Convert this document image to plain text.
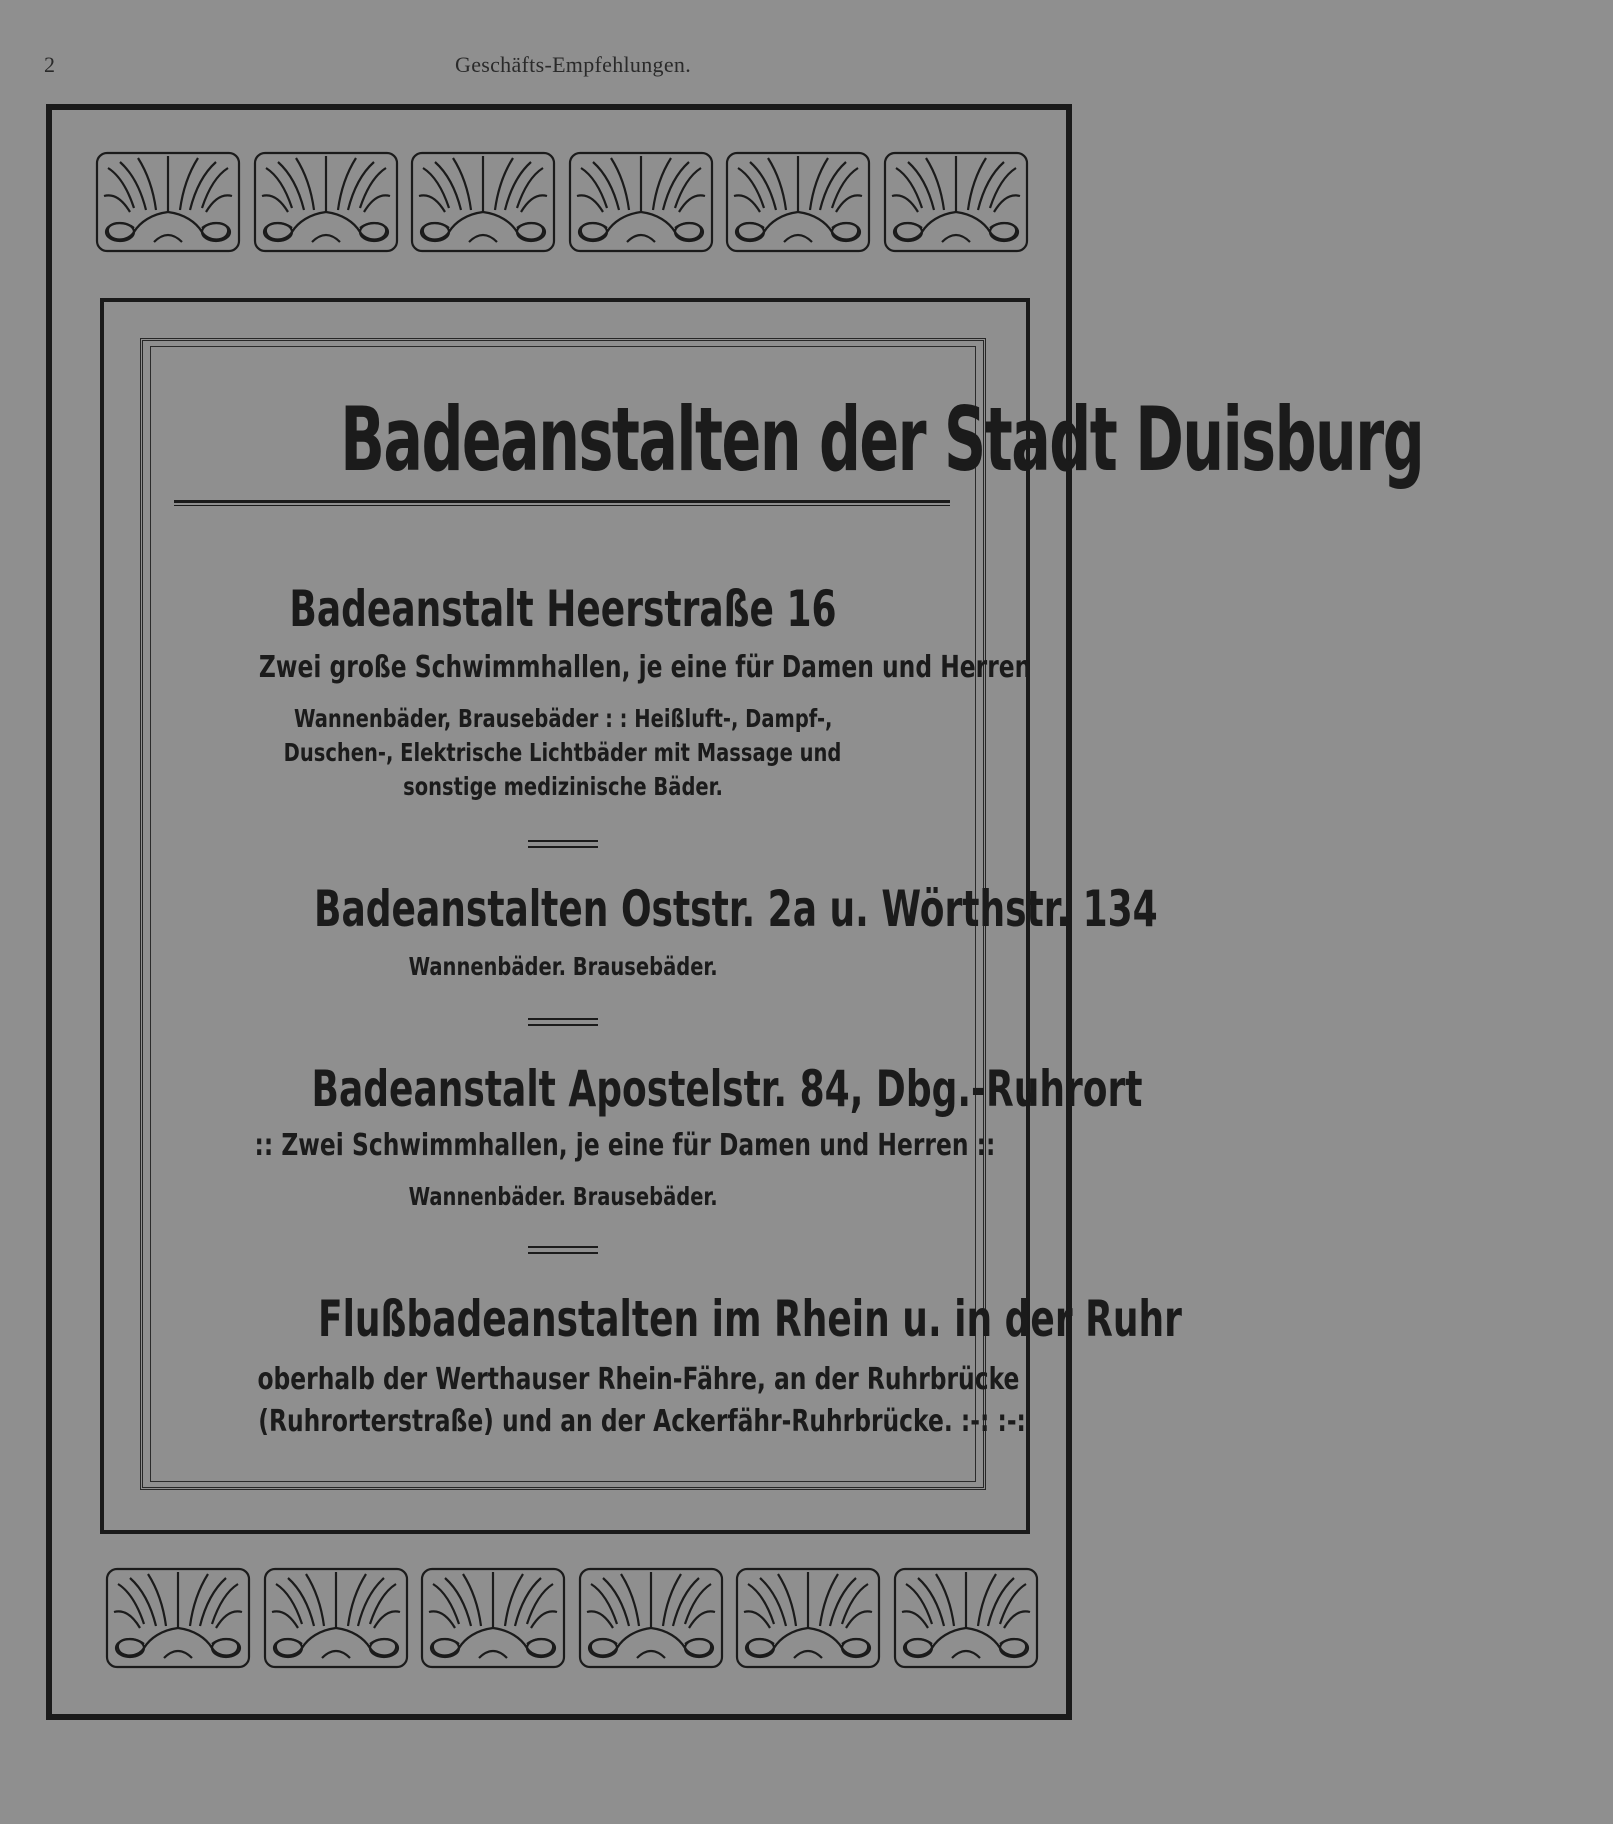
2	Geschäfts-Empfehlungen.
Badeanstalten der Stadt Duisburg
Badeanstalt Heerstraße 16
Zwei große Schwimmhallen, je eine für Damen und Herren
Wannenbäder, Brausebäder : : Heißluft-, Dampf-,
Duschen-, Elektrische Lichtbäder mit Massage und
sonstige medizinische Bäder.
Badeanstalten Oststr. 2a u. Wörthstr. 134
Wannenbäder. Brausebäder.
Badeanstalt Apostelstr. 84, Dbg.-Ruhrort
:: Zwei Schwimmhallen, je eine für Damen und Herren ::
Wannenbäder. Brausebäder.
Flußbadeanstalten im Rhein u. in der Ruhr
oberhalb der Werthauser Rhein-Fähre, an der Ruhrbrücke
(Ruhrorterstraße) und an der Ackerfähr-Ruhrbrücke. :-: :-:
